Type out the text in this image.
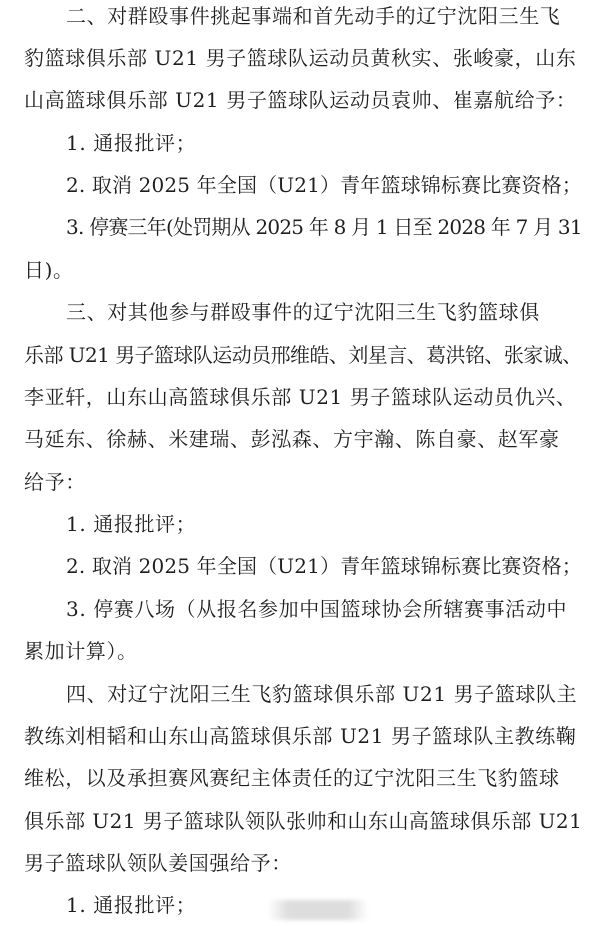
二、对群殴事件挑起事端和首先动手的辽宁沈阳三生飞
豹篮球俱乐部 U21 男子篮球队运动员黄秋实、张峻豪，山东
山高篮球俱乐部 U21 男子篮球队运动员袁帅、崔嘉航给予：
1. 通报批评；
2. 取消 2025 年全国（U21）青年篮球锦标赛比赛资格；
3. 停赛三年(处罚期从 2025 年 8 月 1 日至 2028 年 7 月 31
日)。
三、对其他参与群殴事件的辽宁沈阳三生飞豹篮球俱
乐部 U21 男子篮球队运动员邢维皓、刘星言、葛洪铭、张家诚、
李亚轩，山东山高篮球俱乐部 U21 男子篮球队运动员仇兴、
马延东、徐赫、米建瑞、彭泓森、方宇瀚、陈自豪、赵军豪
给予：
1. 通报批评；
2. 取消 2025 年全国（U21）青年篮球锦标赛比赛资格；
3. 停赛八场（从报名参加中国篮球协会所辖赛事活动中
累加计算）。
四、对辽宁沈阳三生飞豹篮球俱乐部 U21 男子篮球队主
教练刘相韬和山东山高篮球俱乐部 U21 男子篮球队主教练鞠
维松，以及承担赛风赛纪主体责任的辽宁沈阳三生飞豹篮球
俱乐部 U21 男子篮球队领队张帅和山东山高篮球俱乐部 U21
男子篮球队领队姜国强给予：
1. 通报批评；
